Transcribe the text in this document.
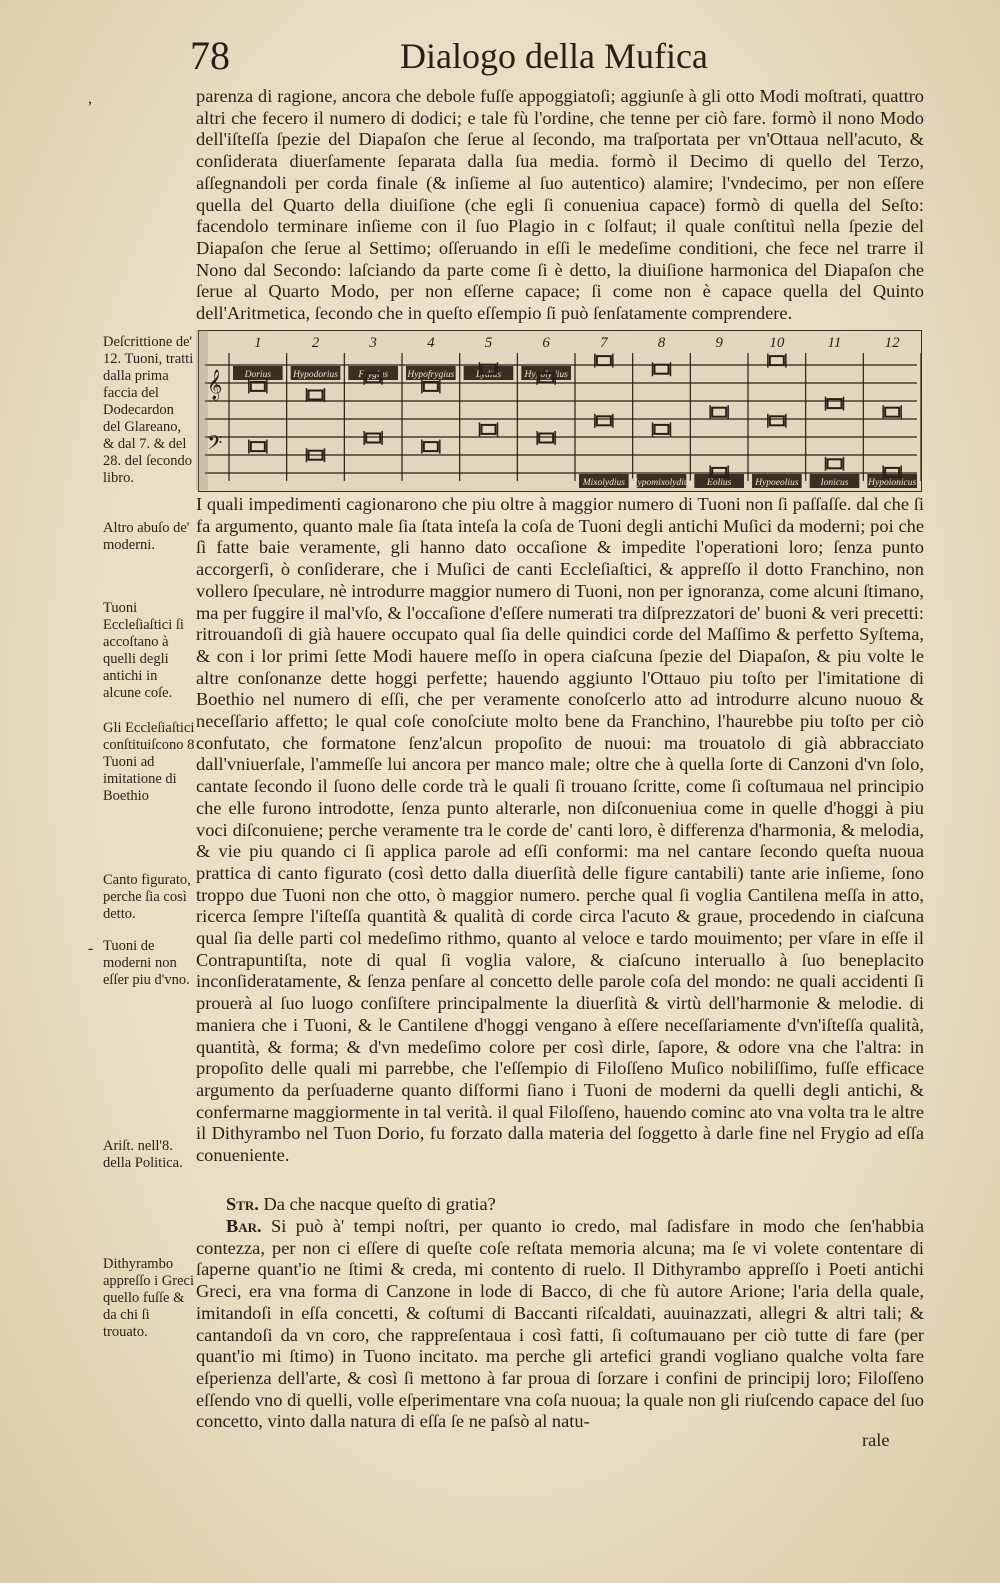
78	Dialogo della Mufica
,
-

parenza di ragione, ancora che debole fuſſe appoggiatoſi; aggiunſe à gli otto Modi moſtrati, quattro altri che fecero il numero di dodici; e tale fù l'ordine, che tenne per ciò fare. formò il nono Modo dell'iſteſſa ſpezie del Diapaſon che ſerue al ſecondo, ma traſportata per vn'Ottaua nell'acuto, & conſiderata diuerſamente ſeparata dalla ſua media. formò il Decimo di quello del Terzo, aſſegnandoli per corda finale (& inſieme al ſuo autentico) alamire; l'vndecimo, per non eſſere quella del Quarto della diuiſione (che egli ſi conueniua capace) formò di quella del Seſto: facendolo terminare inſieme con il ſuo Plagio in c ſolfaut; il quale conſtituì nella ſpezie del Diapaſon che ſerue al Settimo; oſſeruando in eſſi le medeſime conditioni, che fece nel trarre il Nono dal Secondo: laſciando da parte come ſi è detto, la diuiſione harmonica del Diapaſon che ſerue al Quarto Modo, per non eſſerne capace; ſi come non è capace quella del Quinto dell'Aritmetica, ſecondo che in queſto eſſempio ſi può ſenſatamente comprendere.

Deſcrittione de' 12. Tuoni, tratti dalla prima faccia del Dodecardon del Glareano, & dal 7. & del 28. del ſecondo libro.

Altro abuſo de' moderni.

Tuoni Eccleſiaſtici ſi accoſtano à quelli degli antichi in alcune coſe.

Gli Eccleſiaſtici conſtituiſcono 8 Tuoni ad imitatione di Boethio

Canto figurato, perche ſia così detto.

Tuoni de moderni non eſſer piu d'vno.

Ariſt. nell'8. della Politica.

Dithyrambo appreſſo i Greci quello fuſſe & da chi ſi trouato.

1	2	3	4	5	6	7	8	9	10	11	12
𝄞
𝄢
Dorius Hypodorius Frygius Hypofrygius Lydius Hypolydius
Mixolydius Hypomixolydius Eolius	Hypoeolius Ionicus Hypoionicus

I quali impedimenti cagionarono che piu oltre à maggior numero di Tuoni non ſi paſſaſſe. dal che ſi fa argumento, quanto male ſia ſtata inteſa la coſa de Tuoni degli antichi Muſici da moderni; poi che ſì fatte baie veramente, gli hanno dato occaſione & impedite l'operationi loro; ſenza punto accorgerſi, ò conſiderare, che i Muſici de canti Eccleſiaſtici, & appreſſo il dotto Franchino, non vollero ſpeculare, nè introdurre maggior numero di Tuoni, non per ignoranza, come alcuni ſtimano, ma per fuggire il mal'vſo, & l'occaſione d'eſſere numerati tra diſprezzatori de' buoni & veri precetti: ritrouandoſi di già hauere occupato qual ſia delle quindici corde del Maſſimo & perfetto Syſtema, & con i lor primi ſette Modi hauere meſſo in opera ciaſcuna ſpezie del Diapaſon, & piu volte le altre conſonanze dette hoggi perfette; hauendo aggiunto l'Ottauo piu toſto per l'imitatione di Boethio nel numero di eſſi, che per veramente conoſcerlo atto ad introdurre alcuno nuouo & neceſſario affetto; le qual coſe conoſciute molto bene da Franchino, l'haurebbe piu toſto per ciò confutato, che formatone ſenz'alcun propoſito de nuoui: ma trouatolo di già abbracciato dall'vniuerſale, l'ammeſſe lui ancora per manco male; oltre che à quella ſorte di Canzoni d'vn ſolo, cantate ſecondo il ſuono delle corde trà le quali ſi trouano ſcritte, come ſi coſtumaua nel principio che elle furono introdotte, ſenza punto alterarle, non diſconueniua come in quelle d'hoggi à piu voci diſconuiene; perche veramente tra le corde de' canti loro, è differenza d'harmonia, & melodia, & vie piu quando ci ſi applica parole ad eſſi conformi: ma nel cantare ſecondo queſta nuoua prattica di canto figurato (così detto dalla diuerſità delle figure cantabili) tante arie inſieme, ſono troppo due Tuoni non che otto, ò maggior numero. perche qual ſi voglia Cantilena meſſa in atto, ricerca ſempre l'iſteſſa quantità & qualità di corde circa l'acuto & graue, procedendo in ciaſcuna qual ſia delle parti col medeſimo rithmo, quanto al veloce e tardo mouimento; per vſare in eſſe il Contrapuntiſta, note di qual ſi voglia valore, & ciaſcuno interuallo à ſuo beneplacito inconſideratamente, & ſenza penſare al concetto delle parole coſa del mondo: ne quali accidenti ſi prouerà al ſuo luogo conſiſtere principalmente la diuerſità & virtù dell'harmonie & melodie. di maniera che i Tuoni, & le Cantilene d'hoggi vengano à eſſere neceſſariamente d'vn'iſteſſa qualità, quantità, & forma; & d'vn medeſimo colore per così dirle, ſapore, & odore vna che l'altra: in propoſito delle quali mi parrebbe, che l'eſſempio di Filoſſeno Muſico nobiliſſimo, fuſſe efficace argumento da perſuaderne quanto diſformi ſiano i Tuoni de moderni da quelli degli antichi, & confermarne maggiormente in tal verità. il qual Filoſſeno, hauendo cominc ato vna volta tra le altre il Dithyrambo nel Tuon Dorio, fu forzato dalla materia del ſoggetto à darle fine nel Frygio ad eſſa conueniente.

Str. Da che nacque queſto di gratia?

Bar. Si può à' tempi noſtri, per quanto io credo, mal ſadisfare in modo che ſen'habbia contezza, per non ci eſſere di queſte coſe reſtata memoria alcuna; ma ſe vi volete contentare di ſaperne quant'io ne ſtimi & creda, mi contento di ruelo. Il Dithyrambo appreſſo i Poeti antichi Greci, era vna forma di Canzone in lode di Bacco, di che fù autore Arione; l'aria della quale, imitandoſi in eſſa concetti, & coſtumi di Baccanti riſcaldati, auuinazzati, allegri & altri tali; & cantandoſi da vn coro, che rappreſentaua i così fatti, ſi coſtumauano per ciò tutte di fare (per quant'io mi ſtimo) in Tuono incitato. ma perche gli artefici grandi vogliano qualche volta fare eſperienza dell'arte, & così ſi mettono à far proua di ſorzare i confini de principij loro; Filoſſeno eſſendo vno di quelli, volle eſperimentare vna coſa nuoua; la quale non gli riuſcendo capace del ſuo concetto, vinto dalla natura di eſſa ſe ne paſsò al natu-

rale
